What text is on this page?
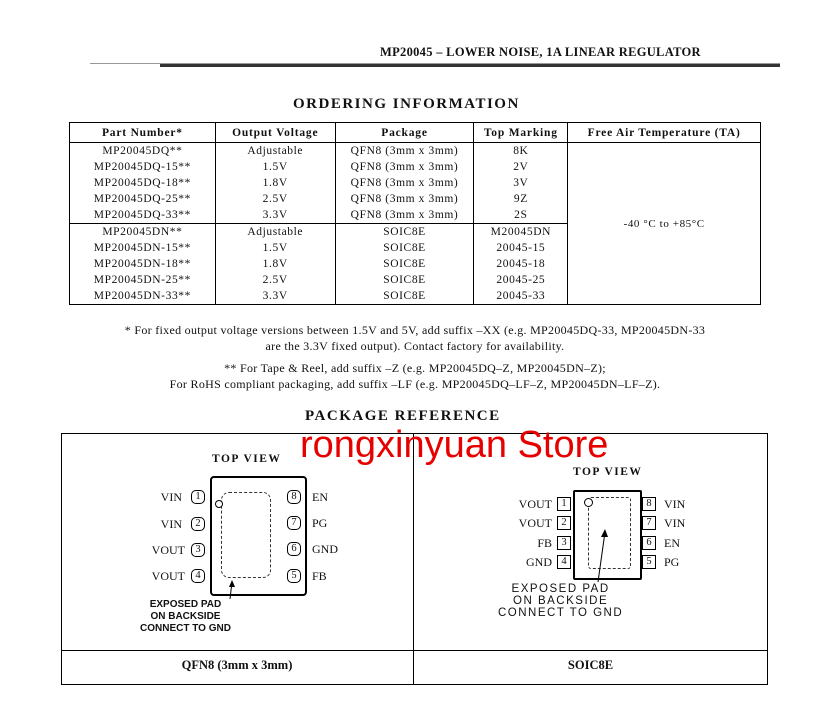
MP20045 – LOWER NOISE, 1A LINEAR REGULATOR
ORDERING INFORMATION
Part Number*	Output Voltage	Package	Top Marking	Free Air Temperature (TA)
MP20045DQ**	Adjustable	QFN8 (3mm x 3mm)	8K	-40 °C to +85°C
MP20045DQ-15**	1.5V	QFN8 (3mm x 3mm)	2V	
MP20045DQ-18**	1.8V	QFN8 (3mm x 3mm)	3V	
MP20045DQ-25**	2.5V	QFN8 (3mm x 3mm)	9Z	
MP20045DQ-33**	3.3V	QFN8 (3mm x 3mm)	2S	
MP20045DN**	Adjustable	SOIC8E	M20045DN	
MP20045DN-15**	1.5V	SOIC8E	20045-15	
MP20045DN-18**	1.8V	SOIC8E	20045-18	
MP20045DN-25**	2.5V	SOIC8E	20045-25	
MP20045DN-33**	3.3V	SOIC8E	20045-33	
* For fixed output voltage versions between 1.5V and 5V, add suffix –XX (e.g. MP20045DQ-33, MP20045DN-33
are the 3.3V fixed output). Contact factory for availability.
** For Tape & Reel, add suffix –Z (e.g. MP20045DQ–Z, MP20045DN–Z);
For RoHS compliant packaging, add suffix –LF (e.g. MP20045DQ–LF–Z, MP20045DN–LF–Z).
PACKAGE REFERENCE
TOP VIEW
VIN	1
VIN	2
VOUT 3
VOUT 4
8	EN
7	PG
6	GND
5	FB
EXPOSED PAD
ON BACKSIDE
CONNECT TO GND
QFN8 (3mm x 3mm)
TOP VIEW
VOUT 1
VOUT 2
FB 3
GND 4
8	VIN
7	VIN
6	EN
5	PG
EXPOSED PAD
ON BACKSIDE
CONNECT TO GND
SOIC8E
rongxinyuan Store
